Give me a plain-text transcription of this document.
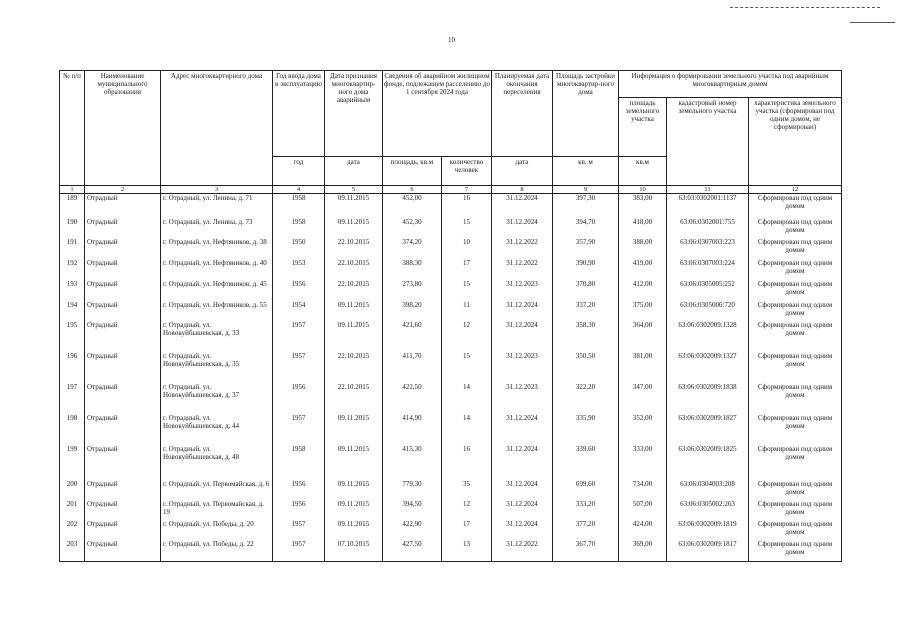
10
№ п/п	Наименование муниципального образования	Адрес многоквартирного дома	Год ввода дома в эксплуатацию	Дата признания многоквартир-ного дома аварийным	Сведения об аварийном жилищном фонде, подлежащем расселению до 1 сентября 2024 года		Планируемая дата окончания переселения	Площадь застройки многоквартир-ного дома	Информация о формировании земельного участка под аварийным многоквартирным домом		
									площадь земельного участка	кадастровый номер земельного участка	характеристика земельного участка (сформирован под одним домом, не сформирован)
			год	дата	площадь, кв.м	количество человек	дата	кв. м	кв.м		
1	2	3	4	5	6	7	8	9	10	11	12
189	Отрадный	г. Отрадный, ул. Ленина, д. 71	1958	09.11.2015	452,00	16	31.12.2024	397,30	383,00	63:03:0302001:1137	Сформирован под одним домом
190	Отрадный	г. Отрадный, ул. Ленина, д. 73	1958	09.11.2015	452,30	15	31.12.2024	394,70	418,00	63:06:0302001:755	Сформирован под одним домом
191	Отрадный	г. Отрадный, ул. Нефтяников, д. 38	1950	22.10.2015	374,20	10	31.12.2022	357,90	388,00	63:06:0307003:223	Сформирован под одним домом
192	Отрадный	г. Отрадный, ул. Нефтяников, д. 40	1953	22.10.2015	388,30	17	31.12.2022	390,90	419,00	63:06:0307003:224	Сформирован под одним домом
193	Отрадный	г. Отрадный, ул. Нефтяников, д. 45	1956	22.10.2015	273,80	15	31.12.2023	370,80	412,00	63:06:0305005:252	Сформирован под одним домом
194	Отрадный	г. Отрадный, ул. Нефтяников, д. 55	1954	09.11.2015	398,20	11	31.12.2024	337,20	375,00	63:06:0305006:720	Сформирован под одним домом
195	Отрадный	г. Отрадный, ул. Новокуйбышевская, д. 33	1957	09.11.2015	421,60	12	31.12.2024	358,30	364,00	63:06:0302009:1328	Сформирован под одним домом
196	Отрадный	г. Отрадный, ул. Новокуйбышевская, д. 35	1957	22.10.2015	411,70	15	31.12.2023	350,50	381,00	63:06:0302009:1327	Сформирован под одним домом
197	Отрадный	г. Отрадный, ул. Новокуйбышевская, д. 37	1956	22.10.2015	422,50	14	31.12.2023	322,20	347,00	63:06:0302009:1838	Сформирован под одним домом
198	Отрадный	г. Отрадный, ул. Новокуйбышевская, д. 44	1957	09.11.2015	414,90	14	31.12.2024	335,90	352,00	63:06:0302009:1827	Сформирован под одним домом
199	Отрадный	г. Отрадный, ул. Новокуйбышевская, д. 48	1958	09.11.2015	415,30	16	31.12.2024	339,60	333,00	63:06:0302009:1825	Сформирован под одним домом
200	Отрадный	г. Отрадный, ул. Первомайская, д. 6	1956	09.11.2015	779,30	35	31.12.2024	699,60	734,00	63:06:0304003:208	Сформирован под одним домом
201	Отрадный	г. Отрадный, ул. Первомайская, д. 19	1956	09.11.2015	394,50	12	31.12.2024	333,20	507,00	63:06:0305002:263	Сформирован под одним домом
202	Отрадный	г. Отрадный, ул. Победы, д. 20	1957	09.11.2015	422,90	17	31.12.2024	377,20	424,00	63:06:0302009:1819	Сформирован под одним домом
203	Отрадный	г. Отрадный, ул. Победы, д. 22	1957	07.10.2015	427,50	13	31.12.2022	367,70	369,00	63:06:0302009:1817	Сформирован под одним домом
